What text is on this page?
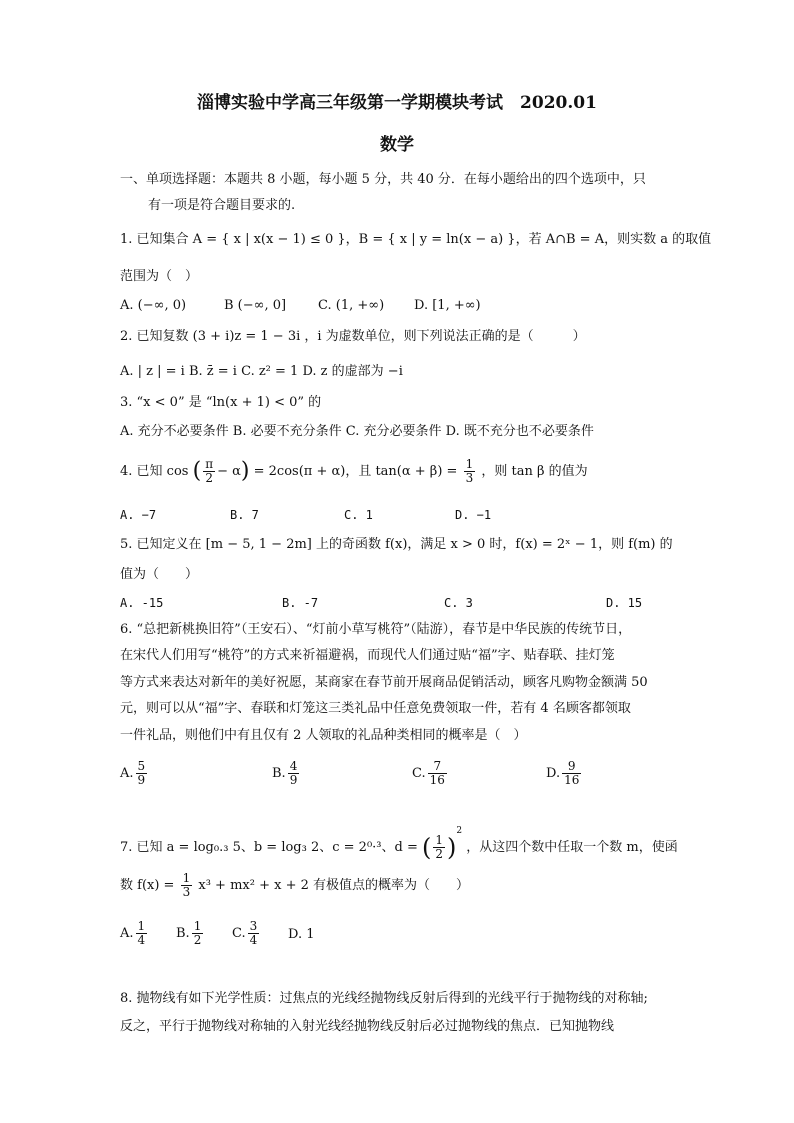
淄博实验中学高三年级第一学期模块考试　2020.01
数学
一、单项选择题：本题共 8 小题，每小题 5 分，共 40 分．在每小题给出的四个选项中，只
有一项是符合题目要求的.
1. 已知集合 A = { x | x(x − 1) ≤ 0 }，B = { x | y = ln(x − a) }，若 A∩B = A，则实数 a 的取值
范围为（　）
A. (−∞, 0)	B (−∞, 0] C. (1, +∞) D. [1, +∞)
2. 已知复数 (3 + i)z = 1 − 3i ，i 为虚数单位，则下列说法正确的是（　　　）
A. | z | = i B. z̄ = i C. z² = 1 D. z 的虚部为 −i
3. “x < 0” 是 “ln(x + 1) < 0” 的
A. 充分不必要条件 B. 必要不充分条件 C. 充分必要条件 D. 既不充分也不必要条件
4. 已知 cos ( $\frac{\pi}{2} - \alpha) = 2\cos(\pi + \alpha)$，且 $\tan(\alpha + \beta) = \frac{1}{3}$ ，则 tan β 的值为
A. −7	B. 7	C. 1	D. −1
5. 已知定义在 [m − 5, 1 − 2m] 上的奇函数 f(x)，满足 x > 0 时，f(x) = 2ˣ − 1，则 f(m) 的
值为（　　）
A. -15	B. -7	C. 3	D. 15
6. “总把新桃换旧符”（王安石）、“灯前小草写桃符”（陆游），春节是中华民族的传统节日，
在宋代人们用写“桃符”的方式来祈福避祸，而现代人们通过贴“福”字、贴春联、挂灯笼
等方式来表达对新年的美好祝愿，某商家在春节前开展商品促销活动，顾客凡购物金额满 50
元，则可以从“福”字、春联和灯笼这三类礼品中任意免费领取一件，若有 4 名顾客都领取
一件礼品，则他们中有且仅有 2 人领取的礼品种类相同的概率是（　）
A. $\frac{5}{9}$	B. $\frac{4}{9}$	C. $\frac{7}{16}$	D. $\frac{9}{16}$
7. 已知 a = log₀.₃ 5、b = log₃ 2、c = 2⁰·³、d = ( $\frac{1}{2} )^2$ ，从这四个数中任取一个数 m，使函
数 $f(x) = \frac{1}{3} x^3 + mx^2 + x + 2$ 有极值点的概率为（　　）
A. $\frac{1}{4} B$. $\frac{1}{2} C$. $\frac{3}{4} D$. 1
8. 抛物线有如下光学性质：过焦点的光线经抛物线反射后得到的光线平行于抛物线的对称轴;
反之，平行于抛物线对称轴的入射光线经抛物线反射后必过抛物线的焦点．已知抛物线
